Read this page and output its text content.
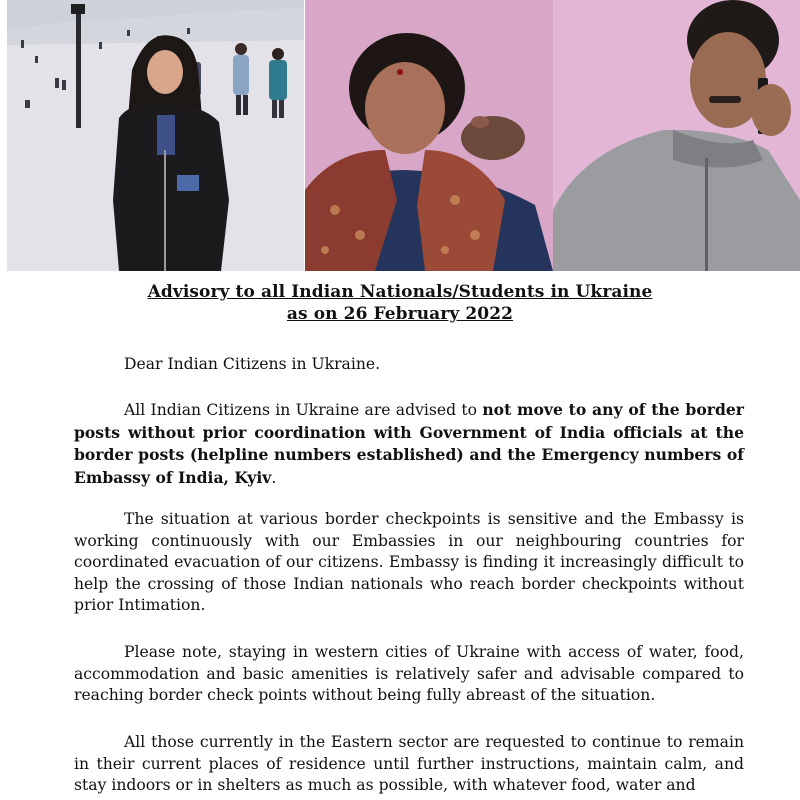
Advisory to all Indian Nationals/Students in Ukraine
as on 26 February 2022
Dear Indian Citizens in Ukraine.
All Indian Citizens in Ukraine are advised to not move to any of the border posts without prior coordination with Government of India officials at the border posts (helpline numbers established) and the Emergency numbers of Embassy of India, Kyiv.
The situation at various border checkpoints is sensitive and the Embassy is working continuously with our Embassies in our neighbouring countries for coordinated evacuation of our citizens. Embassy is finding it increasingly difficult to help the crossing of those Indian nationals who reach border checkpoints without prior Intimation.
Please note, staying in western cities of Ukraine with access of water, food, accommodation and basic amenities is relatively safer and advisable compared to reaching border check points without being fully abreast of the situation.
All those currently in the Eastern sector are requested to continue to remain in their current places of residence until further instructions, maintain calm, and stay indoors or in shelters as much as possible, with whatever food, water and
